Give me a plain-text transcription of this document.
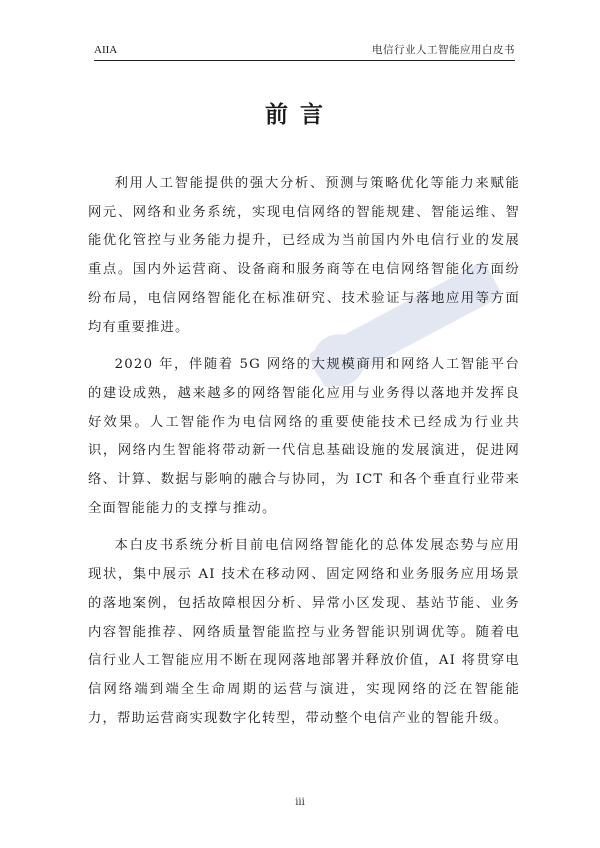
AIIA	电信行业人工智能应用白皮书
前言

利用人工智能提供的强大分析、预测与策略优化等能力来赋能网元、网络和业务系统，实现电信网络的智能规建、智能运维、智能优化管控与业务能力提升，已经成为当前国内外电信行业的发展重点。国内外运营商、设备商和服务商等在电信网络智能化方面纷纷布局，电信网络智能化在标准研究、技术验证与落地应用等方面均有重要推进。

2020 年，伴随着 5G 网络的大规模商用和网络人工智能平台的建设成熟，越来越多的网络智能化应用与业务得以落地并发挥良好效果。人工智能作为电信网络的重要使能技术已经成为行业共识，网络内生智能将带动新一代信息基础设施的发展演进，促进网络、计算、数据与影响的融合与协同，为 ICT 和各个垂直行业带来全面智能能力的支撑与推动。

本白皮书系统分析目前电信网络智能化的总体发展态势与应用现状，集中展示 AI 技术在移动网、固定网络和业务服务应用场景的落地案例，包括故障根因分析、异常小区发现、基站节能、业务内容智能推荐、网络质量智能监控与业务智能识别调优等。随着电信行业人工智能应用不断在现网落地部署并释放价值，AI 将贯穿电信网络端到端全生命周期的运营与演进，实现网络的泛在智能能力，帮助运营商实现数字化转型，带动整个电信产业的智能升级。

iii
